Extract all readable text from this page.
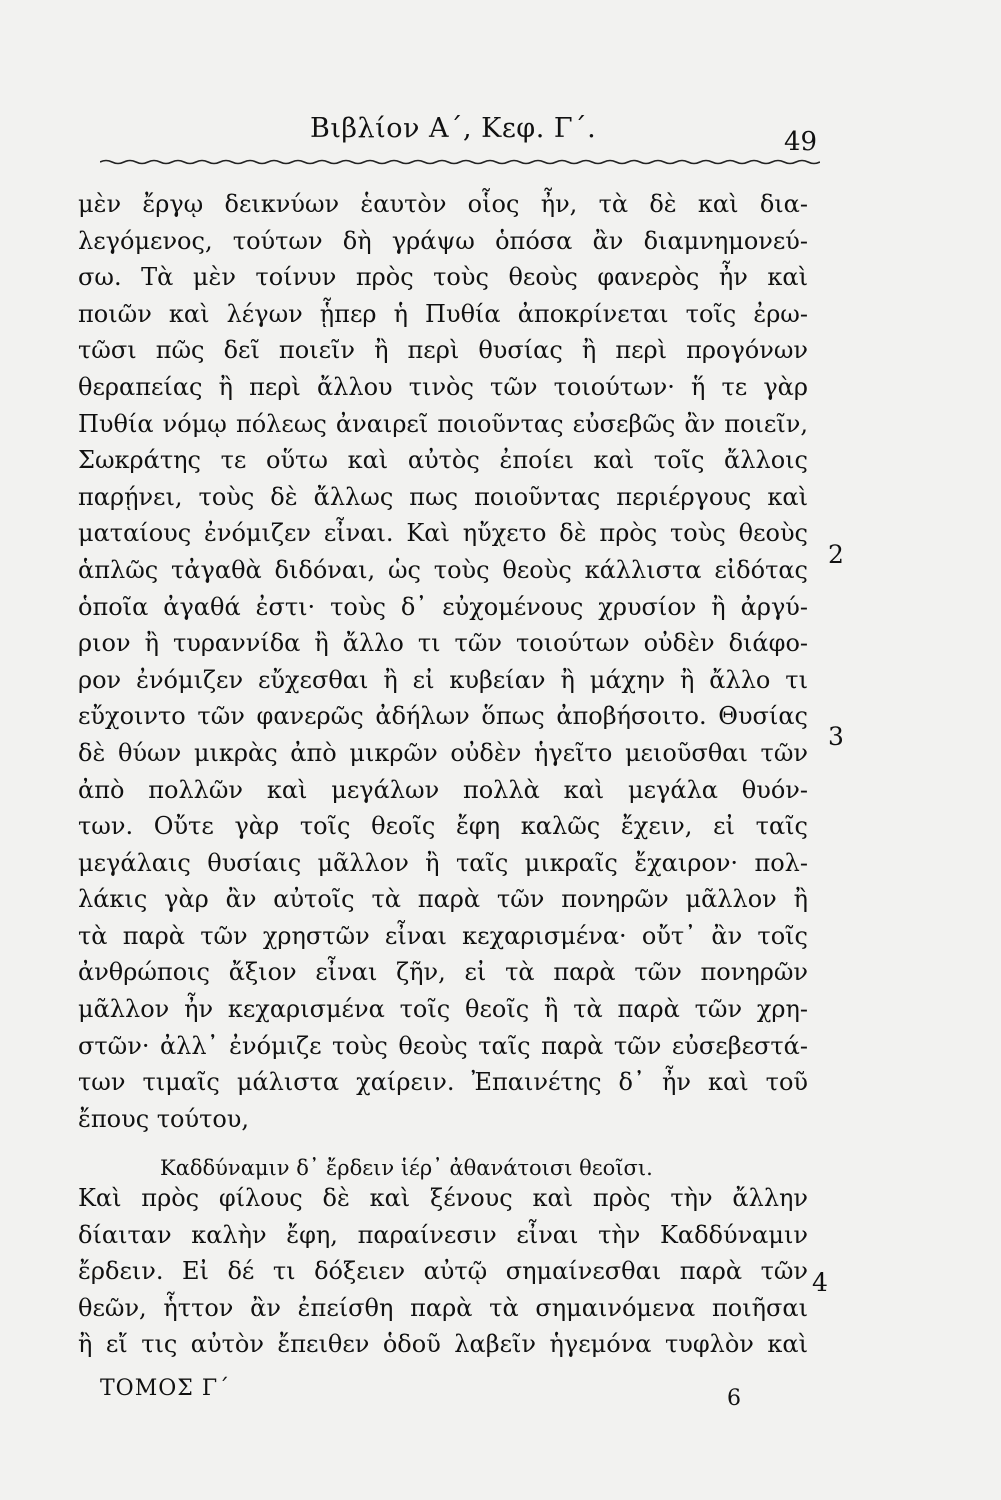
Βιβλίον Α΄, Κεφ. Γ΄.	49
μὲν ἔργῳ δεικνύων ἑαυτὸν οἷος ἦν, τὰ δὲ καὶ δια-
λεγόμενος, τούτων δὴ γράψω ὁπόσα ἂν διαμνημονεύ-
σω. Τὰ μὲν τοίνυν πρὸς τοὺς θεοὺς φανερὸς ἦν καὶ
ποιῶν καὶ λέγων ᾗπερ ἡ Πυθία ἀποκρίνεται τοῖς ἐρω-
τῶσι πῶς δεῖ ποιεῖν ἢ περὶ θυσίας ἢ περὶ προγόνων
θεραπείας ἢ περὶ ἄλλου τινὸς τῶν τοιούτων· ἥ τε γὰρ
Πυθία νόμῳ πόλεως ἀναιρεῖ ποιοῦντας εὐσεβῶς ἂν ποιεῖν,
Σωκράτης τε οὕτω καὶ αὐτὸς ἐποίει καὶ τοῖς ἄλλοις
παρῄνει, τοὺς δὲ ἄλλως πως ποιοῦντας περιέργους καὶ
ματαίους ἐνόμιζεν εἶναι. Καὶ ηὔχετο δὲ πρὸς τοὺς θεοὺς
ἁπλῶς τἀγαθὰ διδόναι, ὡς τοὺς θεοὺς κάλλιστα εἰδότας
ὁποῖα ἀγαθά ἐστι· τοὺς δ᾽ εὐχομένους χρυσίον ἢ ἀργύ-
ριον ἢ τυραννίδα ἢ ἄλλο τι τῶν τοιούτων οὐδὲν διάφο-
ρον ἐνόμιζεν εὔχεσθαι ἢ εἰ κυβείαν ἢ μάχην ἢ ἄλλο τι
εὔχοιντο τῶν φανερῶς ἀδήλων ὅπως ἀποβήσοιτο. Θυσίας
δὲ θύων μικρὰς ἀπὸ μικρῶν οὐδὲν ἡγεῖτο μειοῦσθαι τῶν
ἀπὸ πολλῶν καὶ μεγάλων πολλὰ καὶ μεγάλα θυόν-
των. Οὔτε γὰρ τοῖς θεοῖς ἔφη καλῶς ἔχειν, εἰ ταῖς
μεγάλαις θυσίαις μᾶλλον ἢ ταῖς μικραῖς ἔχαιρον· πολ-
λάκις γὰρ ἂν αὐτοῖς τὰ παρὰ τῶν πονηρῶν μᾶλλον ἢ
τὰ παρὰ τῶν χρηστῶν εἶναι κεχαρισμένα· οὔτ᾽ ἂν τοῖς
ἀνθρώποις ἄξιον εἶναι ζῆν, εἰ τὰ παρὰ τῶν πονηρῶν
μᾶλλον ἦν κεχαρισμένα τοῖς θεοῖς ἢ τὰ παρὰ τῶν χρη-
στῶν· ἀλλ᾽ ἐνόμιζε τοὺς θεοὺς ταῖς παρὰ τῶν εὐσεβεστά-
των τιμαῖς μάλιστα χαίρειν. Ἐπαινέτης δ᾽ ἦν καὶ τοῦ
ἔπους τούτου,
Καδδύναμιν δ᾽ ἔρδειν ἱέρ᾽ ἀθανάτοισι θεοῖσι.
Καὶ πρὸς φίλους δὲ καὶ ξένους καὶ πρὸς τὴν ἄλλην
δίαιταν καλὴν ἔφη, παραίνεσιν εἶναι τὴν Καδδύναμιν
ἔρδειν. Εἰ δέ τι δόξειεν αὐτῷ σημαίνεσθαι παρὰ τῶν
θεῶν, ἧττον ἂν ἐπείσθη παρὰ τὰ σημαινόμενα ποιῆσαι
ἢ εἴ τις αὐτὸν ἔπειθεν ὁδοῦ λαβεῖν ἡγεμόνα τυφλὸν καὶ
2
3
4
ΤΟΜΟΣ Γ΄	6
